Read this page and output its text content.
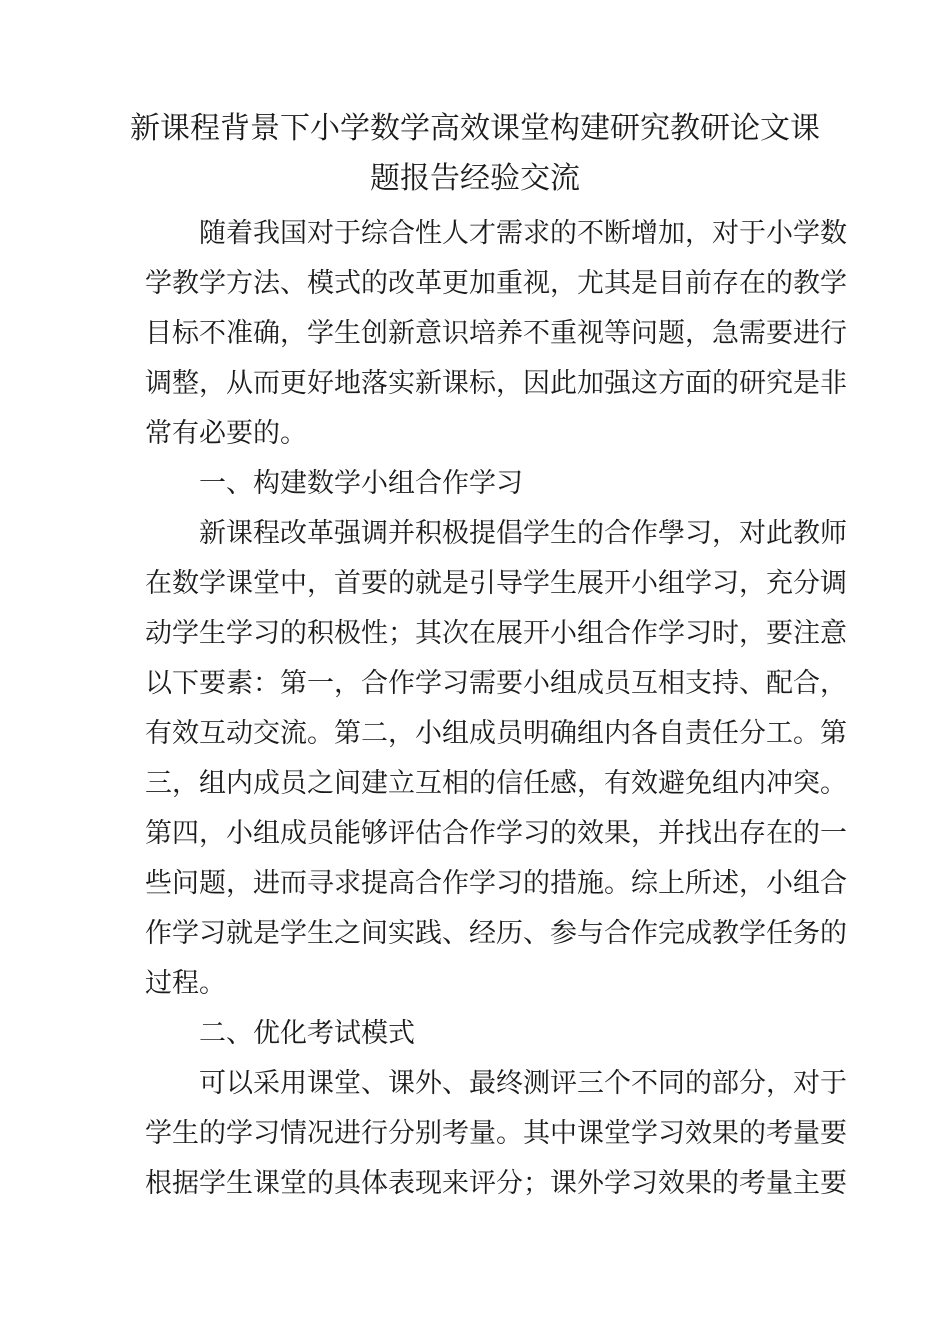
新课程背景下小学数学高效课堂构建研究教研论文课
题报告经验交流
随着我国对于综合性人才需求的不断增加，对于小学数
学教学方法、模式的改革更加重视，尤其是目前存在的教学
目标不准确，学生创新意识培养不重视等问题，急需要进行
调整，从而更好地落实新课标，因此加强这方面的研究是非
常有必要的。
一、构建数学小组合作学习
新课程改革强调并积极提倡学生的合作學习，对此教师
在数学课堂中，首要的就是引导学生展开小组学习，充分调
动学生学习的积极性；其次在展开小组合作学习时，要注意
以下要素：第一，合作学习需要小组成员互相支持、配合，
有效互动交流。第二，小组成员明确组内各自责任分工。第
三，组内成员之间建立互相的信任感，有效避免组内冲突。
第四，小组成员能够评估合作学习的效果，并找出存在的一
些问题，进而寻求提高合作学习的措施。综上所述，小组合
作学习就是学生之间实践、经历、参与合作完成教学任务的
过程。
二、优化考试模式
可以采用课堂、课外、最终测评三个不同的部分，对于
学生的学习情况进行分别考量。其中课堂学习效果的考量要
根据学生课堂的具体表现来评分；课外学习效果的考量主要
